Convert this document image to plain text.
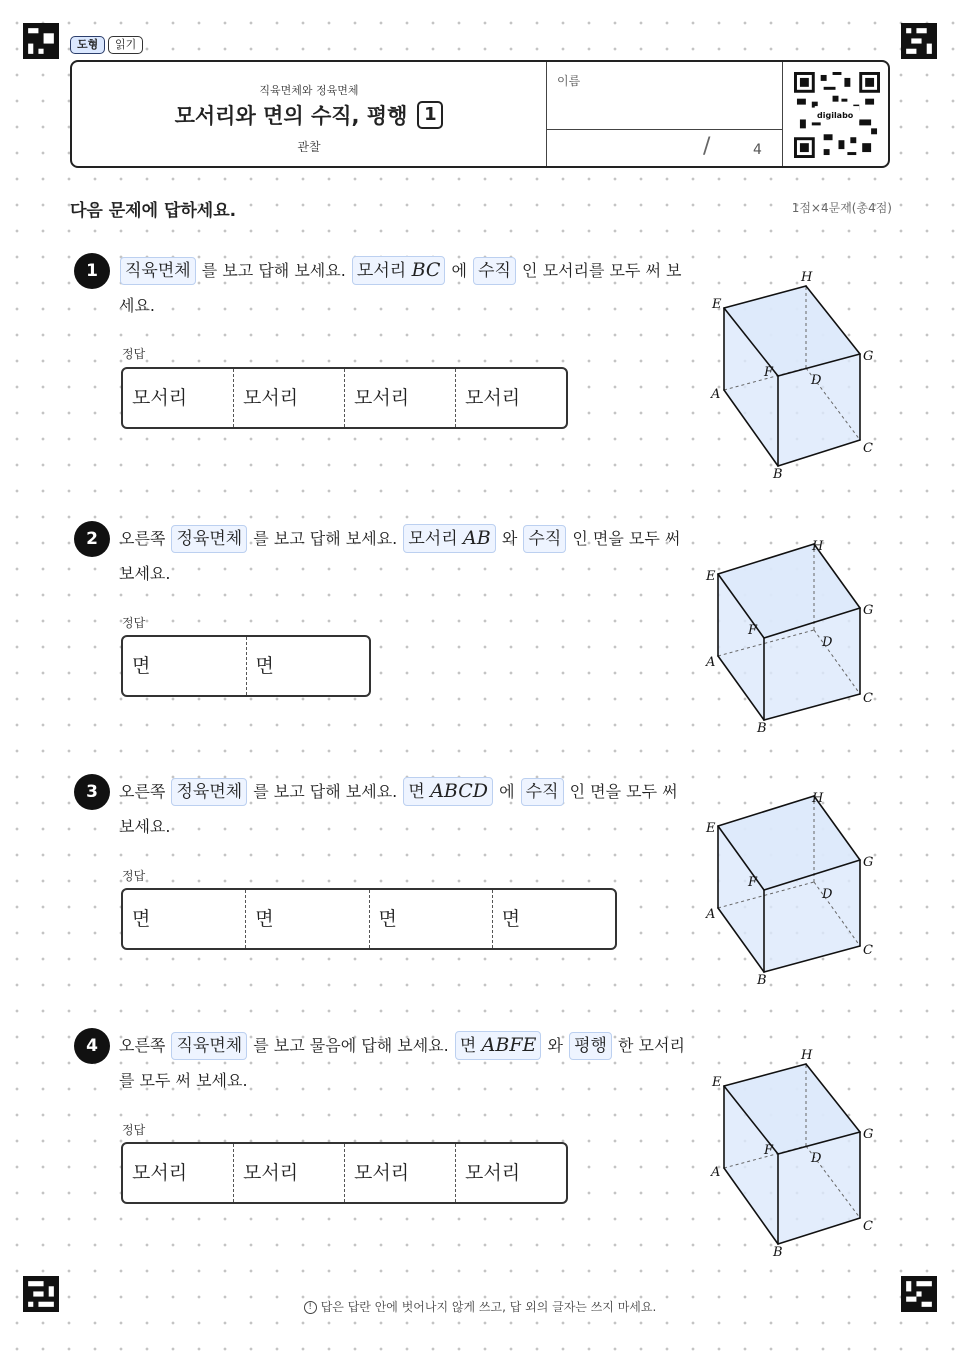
도형	읽기
직육면체와 정육면체
모서리와 면의 수직, 평행 1
관찰
이름
/	4
digilabo
다음 문제에 답하세요.	1점×4문제(총4점)
1	직육면체 를 보고 답해 보세요. 모서리 BC 에 수직 인 모서리를 모두 써 보세요.
정답
모서리	모서리	모서리	모서리
2	오른쪽 정육면체 를 보고 답해 보세요. 모서리 AB 와 수직 인 면을 모두 써 보세요.
정답
면	면
3	오른쪽 정육면체 를 보고 답해 보세요. 면 ABCD 에 수직 인 면을 모두 써 보세요.
정답
면	면	면	면
4	오른쪽 직육면체 를 보고 물음에 답해 보세요. 면 ABFE 와 평행 한 모서리를 모두 써 보세요.
정답
모서리	모서리	모서리	모서리
A
B
C
D
E
F
G
H
A
B
C
D
E
F
G
H
A
B
C
D
E
F
G
H
A
B
C
D
E
F
G
H
! 답은 답란 안에 벗어나지 않게 쓰고, 답 외의 글자는 쓰지 마세요.
